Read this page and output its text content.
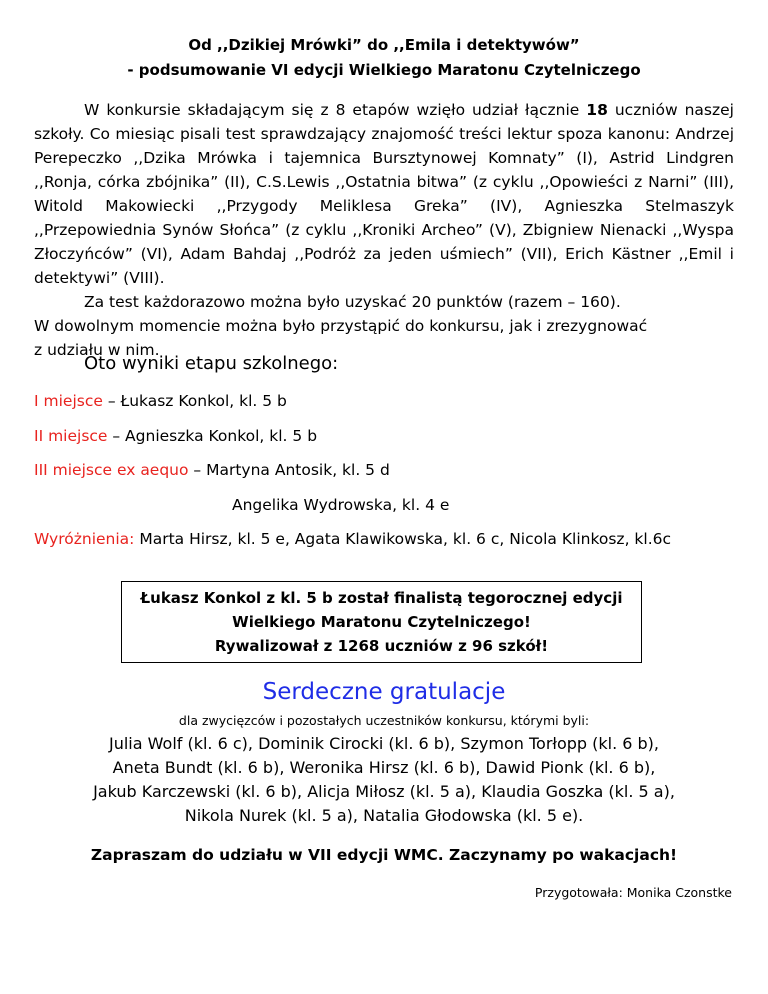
Od ,,Dzikiej Mrówki” do ,,Emila i detektywów”
- podsumowanie VI edycji Wielkiego Maratonu Czytelniczego
W konkursie składającym się z 8 etapów wzięło udział łącznie 18 uczniów naszej szkoły. Co miesiąc pisali test sprawdzający znajomość treści lektur spoza kanonu: Andrzej Perepeczko ,,Dzika Mrówka i tajemnica Bursztynowej Komnaty” (I), Astrid Lindgren ,,Ronja, córka zbójnika” (II), C.S.Lewis ,,Ostatnia bitwa” (z cyklu ,,Opowieści z Narni” (III), Witold Makowiecki ,,Przygody Meliklesa Greka” (IV), Agnieszka Stelmaszyk ,,Przepowiednia Synów Słońca” (z cyklu ,,Kroniki Archeo” (V), Zbigniew Nienacki ,,Wyspa Złoczyńców” (VI), Adam Bahdaj ,,Podróż za jeden uśmiech” (VII), Erich Kästner ,,Emil i detektywi” (VIII).
Za test każdorazowo można było uzyskać 20 punktów (razem – 160).
W dowolnym momencie można było przystąpić do konkursu, jak i zrezygnować
z udziału w nim.
Oto wyniki etapu szkolnego:
I miejsce – Łukasz Konkol, kl. 5 b
II miejsce – Agnieszka Konkol, kl. 5 b
III miejsce ex aequo – Martyna Antosik, kl. 5 d
Angelika Wydrowska, kl. 4 e
Wyróżnienia: Marta Hirsz, kl. 5 e, Agata Klawikowska, kl. 6 c, Nicola Klinkosz, kl.6c
Łukasz Konkol z kl. 5 b został finalistą tegorocznej edycji
Wielkiego Maratonu Czytelniczego!
Rywalizował z 1268 uczniów z 96 szkół!
Serdeczne gratulacje
dla zwycięzców i pozostałych uczestników konkursu, którymi byli:
Julia Wolf (kl. 6 c), Dominik Cirocki (kl. 6 b), Szymon Torłopp (kl. 6 b),
Aneta Bundt (kl. 6 b), Weronika Hirsz (kl. 6 b), Dawid Pionk (kl. 6 b),
Jakub Karczewski (kl. 6 b), Alicja Miłosz (kl. 5 a), Klaudia Goszka (kl. 5 a),
Nikola Nurek (kl. 5 a), Natalia Głodowska (kl. 5 e).
Zapraszam do udziału w VII edycji WMC. Zaczynamy po wakacjach!
Przygotowała: Monika Czonstke
